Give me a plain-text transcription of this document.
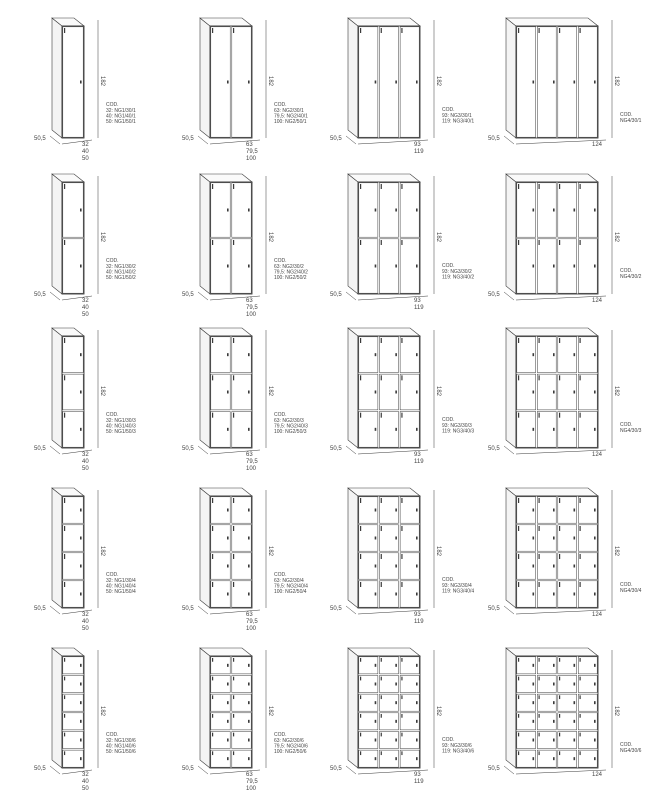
182
50,5
32
40
50
COD.
32: NG1/30/1
40: NG1/40/1
50: NG1/50/1
182
50,5
63
79,5
100
COD.
63: NG2/30/1
79,5: NG2/40/1
100: NG2/50/1
182
50,5
93
119
COD.
93: NG3/30/1
119: NG3/40/1
182
50,5
124
COD.
NG4/30/1
182
50,5
32
40
50
COD.
32: NG1/30/2
40: NG1/40/2
50: NG1/50/2
182
50,5
63
79,5
100
COD.
63: NG2/30/2
79,5: NG2/40/2
100: NG2/50/2
182
50,5
93
119
COD.
93: NG3/30/2
119: NG3/40/2
182
50,5
124
COD.
NG4/30/2
182
50,5
32
40
50
COD.
32: NG1/30/3
40: NG1/40/3
50: NG1/50/3
182
50,5
63
79,5
100
COD.
63: NG2/30/3
79,5: NG2/40/3
100: NG2/50/3
182
50,5
93
119
COD.
93: NG3/30/3
119: NG3/40/3
182
50,5
124
COD.
NG4/30/3
182
50,5
32
40
50
COD.
32: NG1/30/4
40: NG1/40/4
50: NG1/50/4
182
50,5
63
79,5
100
COD.
63: NG2/30/4
79,5: NG2/40/4
100: NG2/50/4
182
50,5
93
119
COD.
93: NG3/30/4
119: NG3/40/4
182
50,5
124
COD.
NG4/30/4
182
50,5
32
40
50
COD.
32: NG1/30/6
40: NG1/40/6
50: NG1/50/6
182
50,5
63
79,5
100
COD.
63: NG2/30/6
79,5: NG2/40/6
100: NG2/50/6
182
50,5
93
119
COD.
93: NG3/30/6
119: NG3/40/6
182
50,5
124
COD.
NG4/30/6
